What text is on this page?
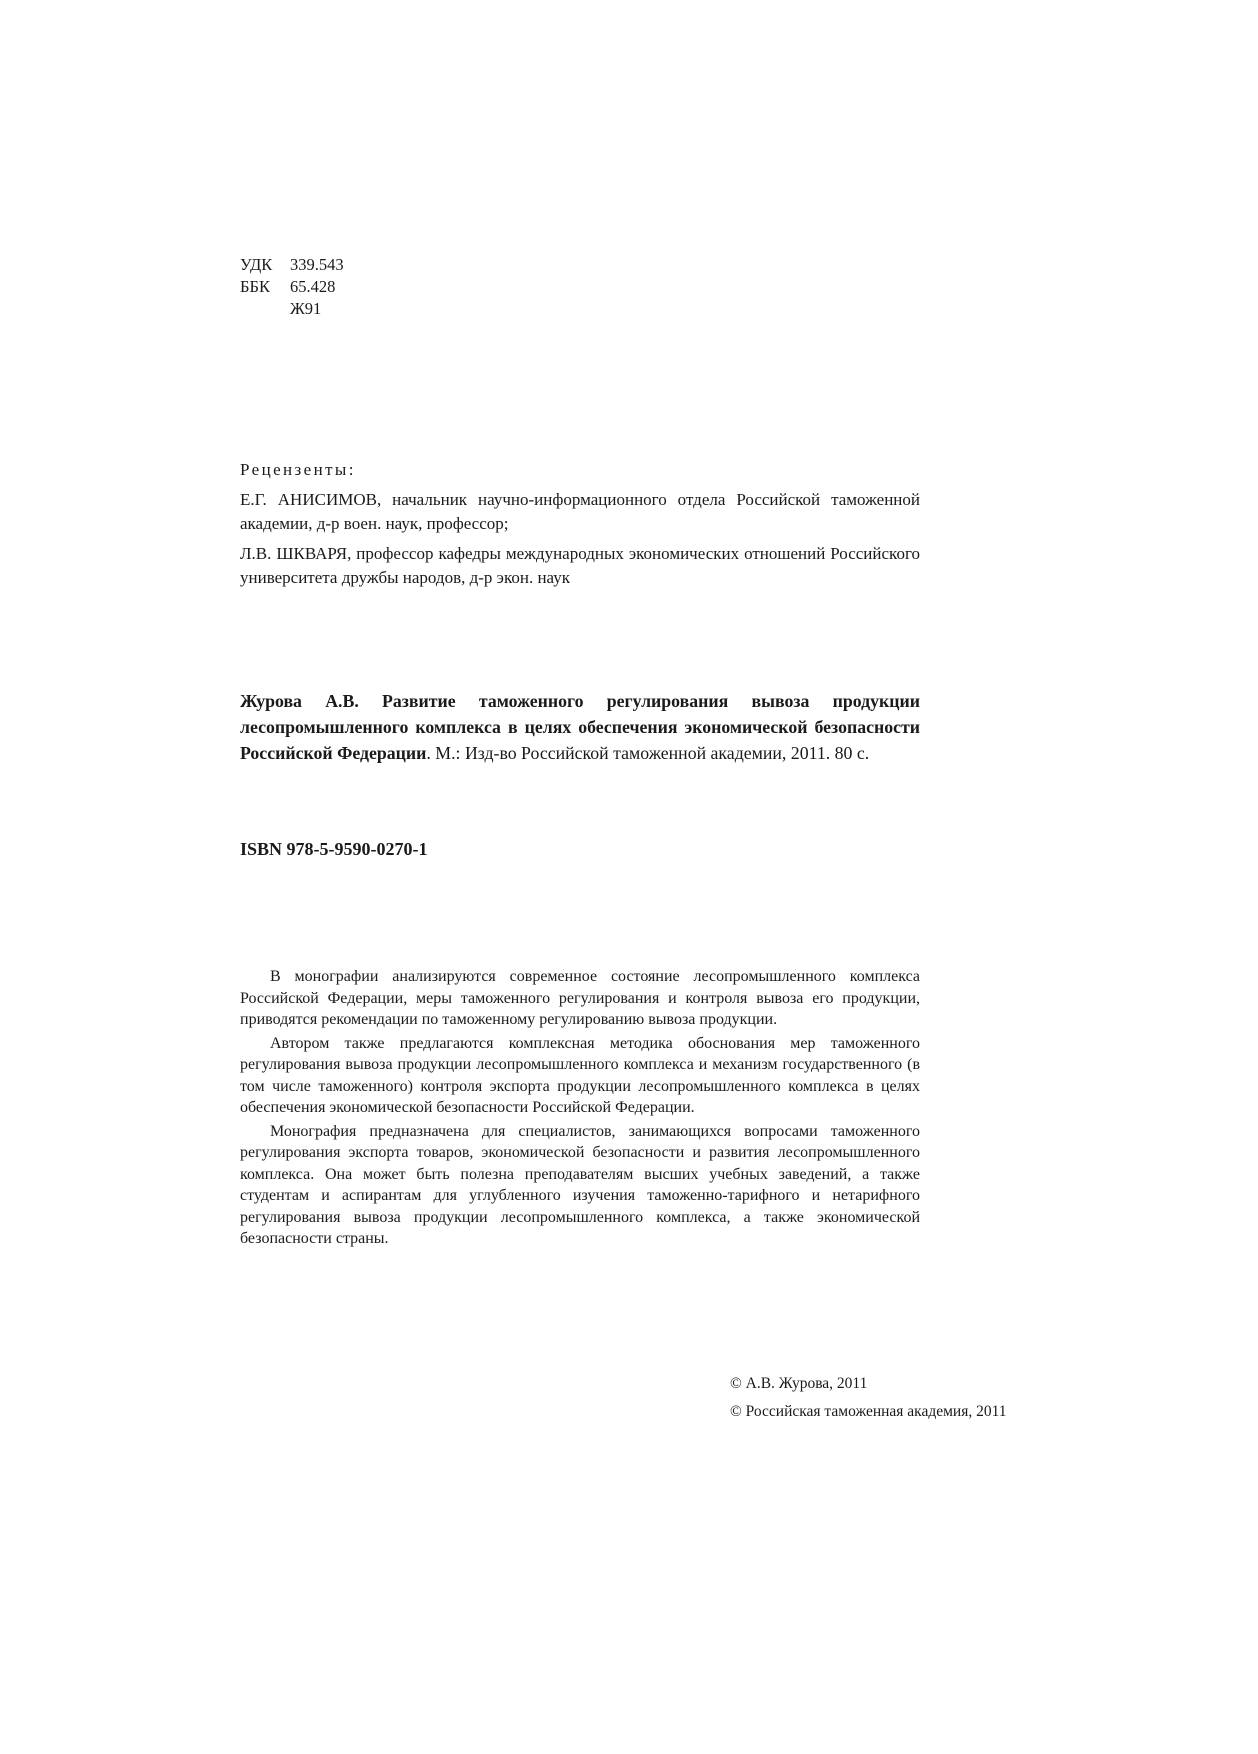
УДК	339.543
ББК	65.428
Ж91
Рецензенты:
Е.Г. АНИСИМОВ, начальник научно-информационного отдела Российской таможенной академии, д-р воен. наук, профессор;
Л.В. ШКВАРЯ, профессор кафедры международных экономических отношений Российского университета дружбы народов, д-р экон. наук
Журова А.В. Развитие таможенного регулирования вывоза продукции лесопромышленного комплекса в целях обеспечения экономической безопасности Российской Федерации. М.: Изд-во Российской таможенной академии, 2011. 80 с.
ISBN 978-5-9590-0270-1

В монографии анализируются современное состояние лесопромышленного комплекса Российской Федерации, меры таможенного регулирования и контроля вывоза его продукции, приводятся рекомендации по таможенному регулированию вывоза продукции.

Автором также предлагаются комплексная методика обоснования мер таможенного регулирования вывоза продукции лесопромышленного комплекса и механизм государственного (в том числе таможенного) контроля экспорта продукции лесопромышленного комплекса в целях обеспечения экономической безопасности Российской Федерации.

Монография предназначена для специалистов, занимающихся вопросами таможенного регулирования экспорта товаров, экономической безопасности и развития лесопромышленного комплекса. Она может быть полезна преподавателям высших учебных заведений, а также студентам и аспирантам для углубленного изучения таможенно-тарифного и нетарифного регулирования вывоза продукции лесопромышленного комплекса, а также экономической безопасности страны.

© А.В. Журова, 2011
© Российская таможенная академия, 2011
